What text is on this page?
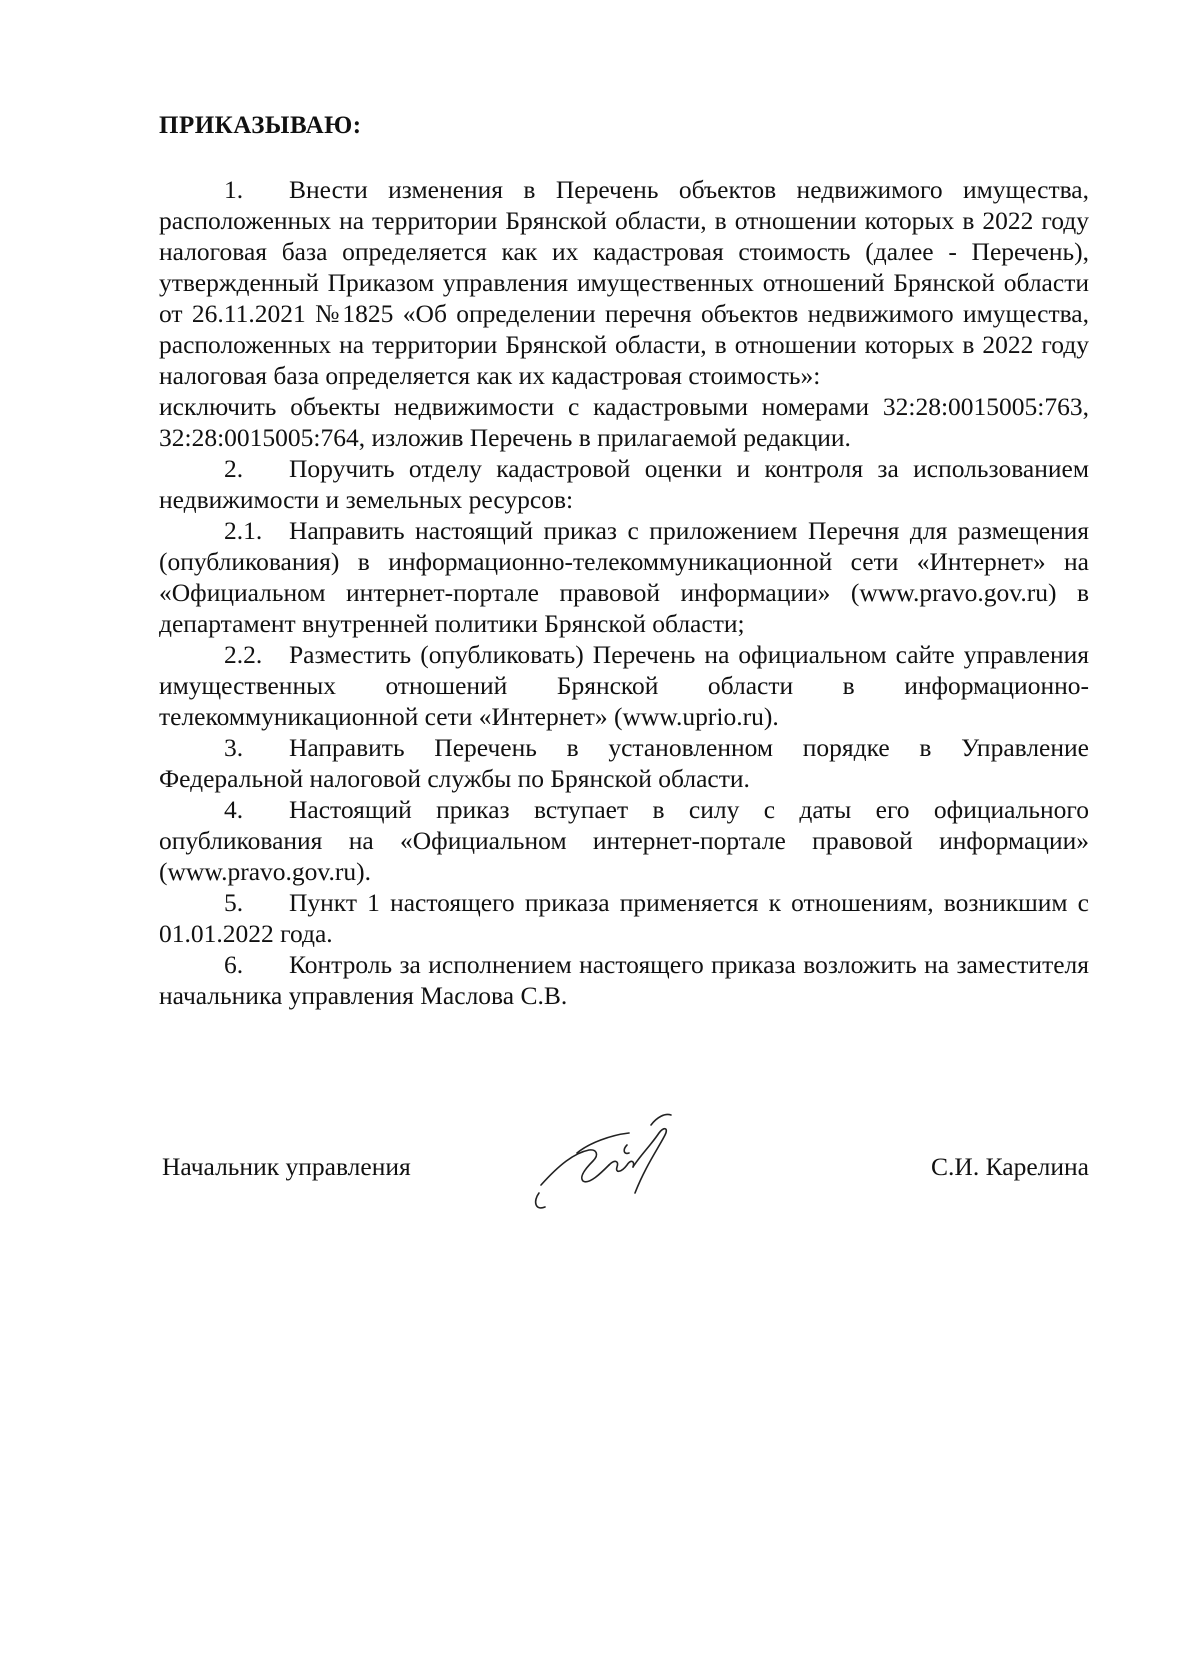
ПРИКАЗЫВАЮ:

1. Внести изменения в Перечень объектов недвижимого имущества, расположенных на территории Брянской области, в отношении которых в 2022 году налоговая база определяется как их кадастровая стоимость (далее - Перечень), утвержденный Приказом управления имущественных отношений Брянской области от 26.11.2021 №1825 «Об определении перечня объектов недвижимого имущества, расположенных на территории Брянской области, в отношении которых в 2022 году налоговая база определяется как их кадастровая стоимость»:

исключить объекты недвижимости с кадастровыми номерами 32:28:0015005:763, 32:28:0015005:764, изложив Перечень в прилагаемой редакции.

2. Поручить отделу кадастровой оценки и контроля за использованием недвижимости и земельных ресурсов:

2.1. Направить настоящий приказ с приложением Перечня для размещения (опубликования) в информационно-телекоммуникационной сети «Интернет» на «Официальном интернет-портале правовой информации» (www.pravo.gov.ru) в департамент внутренней политики Брянской области;

2.2. Разместить (опубликовать) Перечень на официальном сайте управления имущественных отношений Брянской области в информационно-телекоммуникационной сети «Интернет» (www.uprio.ru).

3. Направить Перечень в установленном порядке в Управление Федеральной налоговой службы по Брянской области.

4. Настоящий приказ вступает в силу с даты его официального опубликования на «Официальном интернет-портале правовой информации» (www.pravo.gov.ru).

5. Пункт 1 настоящего приказа применяется к отношениям, возникшим с 01.01.2022 года.

6. Контроль за исполнением настоящего приказа возложить на заместителя начальника управления Маслова С.В.

Начальник управления	С.И. Карелина
